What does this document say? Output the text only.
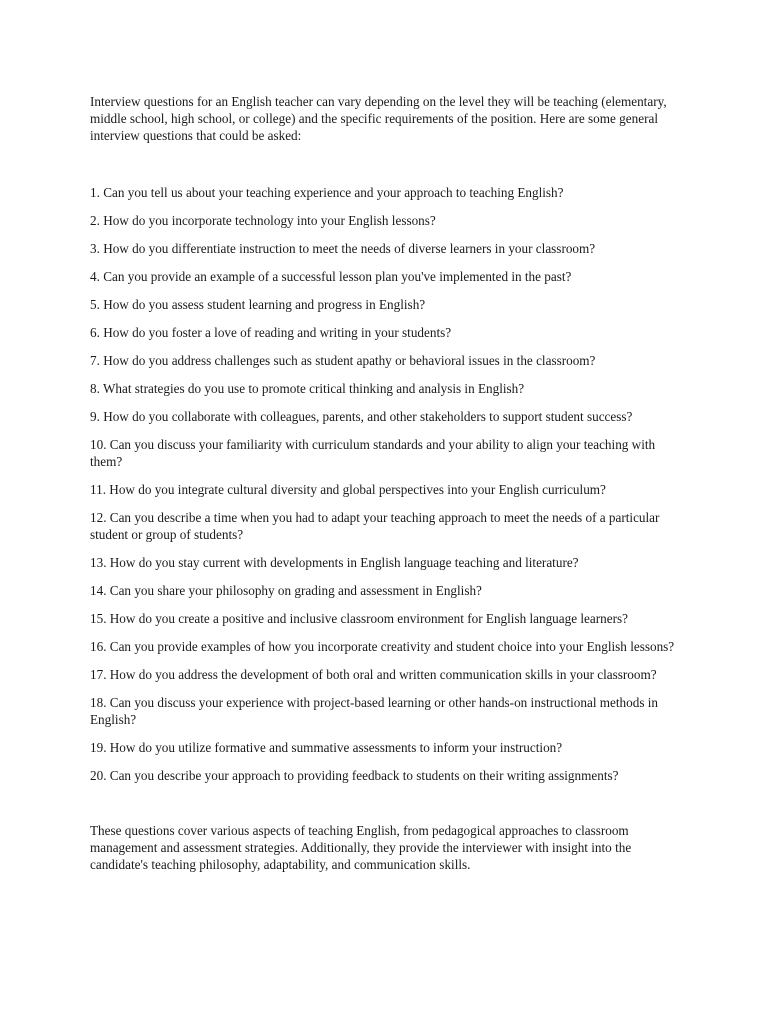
Interview questions for an English teacher can vary depending on the level they will be teaching (elementary, middle school, high school, or college) and the specific requirements of the position. Here are some general interview questions that could be asked:

1. Can you tell us about your teaching experience and your approach to teaching English?
2. How do you incorporate technology into your English lessons?
3. How do you differentiate instruction to meet the needs of diverse learners in your classroom?
4. Can you provide an example of a successful lesson plan you've implemented in the past?
5. How do you assess student learning and progress in English?
6. How do you foster a love of reading and writing in your students?
7. How do you address challenges such as student apathy or behavioral issues in the classroom?
8. What strategies do you use to promote critical thinking and analysis in English?
9. How do you collaborate with colleagues, parents, and other stakeholders to support student success?
10. Can you discuss your familiarity with curriculum standards and your ability to align your teaching with them?
11. How do you integrate cultural diversity and global perspectives into your English curriculum?
12. Can you describe a time when you had to adapt your teaching approach to meet the needs of a particular student or group of students?
13. How do you stay current with developments in English language teaching and literature?
14. Can you share your philosophy on grading and assessment in English?
15. How do you create a positive and inclusive classroom environment for English language learners?
16. Can you provide examples of how you incorporate creativity and student choice into your English lessons?
17. How do you address the development of both oral and written communication skills in your classroom?
18. Can you discuss your experience with project-based learning or other hands-on instructional methods in English?
19. How do you utilize formative and summative assessments to inform your instruction?
20. Can you describe your approach to providing feedback to students on their writing assignments?

These questions cover various aspects of teaching English, from pedagogical approaches to classroom management and assessment strategies. Additionally, they provide the interviewer with insight into the candidate's teaching philosophy, adaptability, and communication skills.
